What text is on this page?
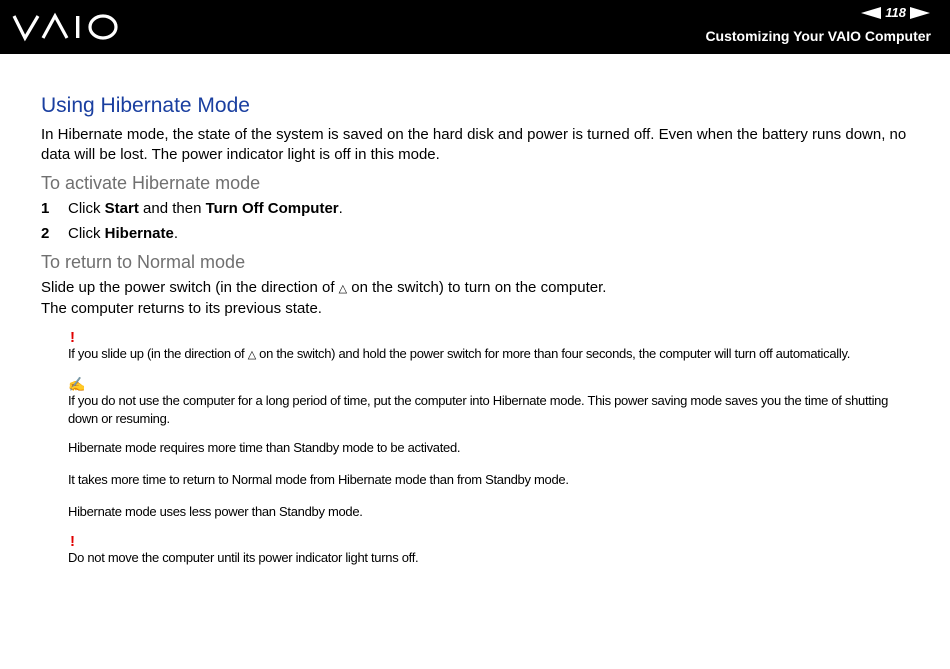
118
Customizing Your VAIO Computer
Using Hibernate Mode

In Hibernate mode, the state of the system is saved on the hard disk and power is turned off. Even when the battery runs down, no data will be lost. The power indicator light is off in this mode.

To activate Hibernate mode
1	Click Start and then Turn Off Computer.
2	Click Hibernate.
To return to Normal mode

Slide up the power switch (in the direction of △ on the switch) to turn on the computer.

The computer returns to its previous state.

!
If you slide up (in the direction of △ on the switch) and hold the power switch for more than four seconds, the computer will turn off automatically.
✍
If you do not use the computer for a long period of time, put the computer into Hibernate mode. This power saving mode saves you the time of shutting down or resuming.
Hibernate mode requires more time than Standby mode to be activated.
It takes more time to return to Normal mode from Hibernate mode than from Standby mode.
Hibernate mode uses less power than Standby mode.
!
Do not move the computer until its power indicator light turns off.
